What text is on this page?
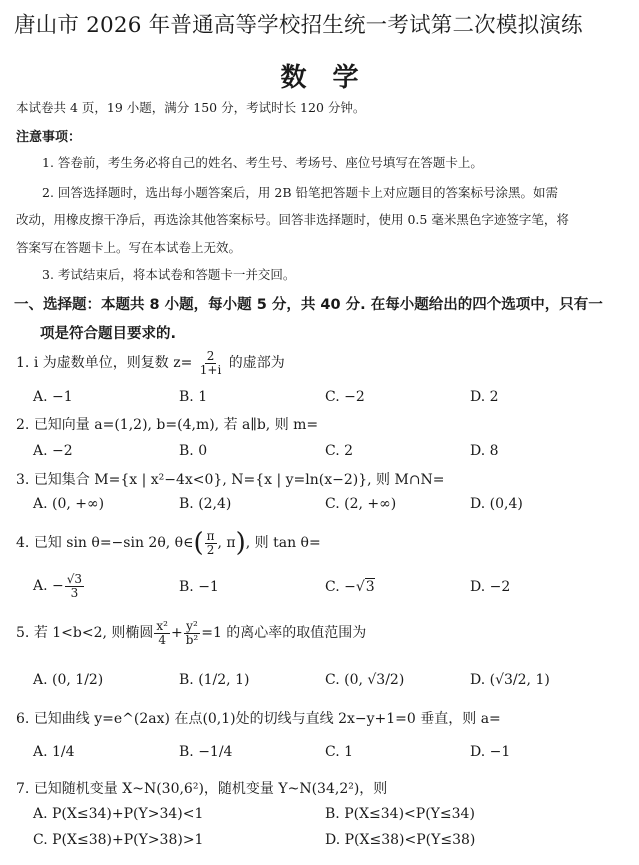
唐山市 2026 年普通高等学校招生统一考试第二次模拟演练
数学
本试卷共 4 页，19 小题，满分 150 分，考试时长 120 分钟。
注意事项：
1. 答卷前，考生务必将自己的姓名、考生号、考场号、座位号填写在答题卡上。
2. 回答选择题时，选出每小题答案后，用 2B 铅笔把答题卡上对应题目的答案标号涂黑。如需
改动，用橡皮擦干净后，再选涂其他答案标号。回答非选择题时，使用 0.5 毫米黑色字迹签字笔，将
答案写在答题卡上。写在本试卷上无效。
3. 考试结束后，将本试卷和答题卡一并交回。
一、选择题：本题共 8 小题，每小题 5 分，共 40 分. 在每小题给出的四个选项中，只有一
项是符合题目要求的.
1. i 为虚数单位，则复数 $z= \frac{2}{1+i}$ 的虚部为
A. −1	B. 1	C. −2	D. 2
2. 已知向量 a=(1,2), b=(4,m), 若 a∥b, 则 m=
A. −2	B. 0	C. 2	D. 8
3. 已知集合 M={x | x²−4x<0}, N={x | y=ln(x−2)}, 则 M∩N=
A. (0, +∞)	B. (2,4)	C. (2, +∞)	D. (0,4)
4. 已知 sin θ=−sin 2θ, θ∈( $\frac{\pi}{2}$ , π), 则 tan θ=
A. − $\frac{√3}{3}$	B. −1	C. −√3	D. −2
5. 若 1<b<2, 则椭圆 $\frac{\text{x²}}{4} + \frac{\text{y²}}{\text{b²}} =1$ 的离心率的取值范围为
A. (0, 1/2)	B. (1/2, 1)	C. (0, √3/2)	D. (√3/2, 1)
6. 已知曲线 y=e^(2ax) 在点(0,1)处的切线与直线 2x−y+1=0 垂直，则 a=
A. 1/4	B. −1/4	C. 1	D. −1
7. 已知随机变量 X~N(30,6²)，随机变量 Y~N(34,2²)，则
A. P(X≤34)+P(Y>34)<1	B. P(X≤34)<P(Y≤34)
C. P(X≤38)+P(Y>38)>1	D. P(X≤38)<P(Y≤38)
